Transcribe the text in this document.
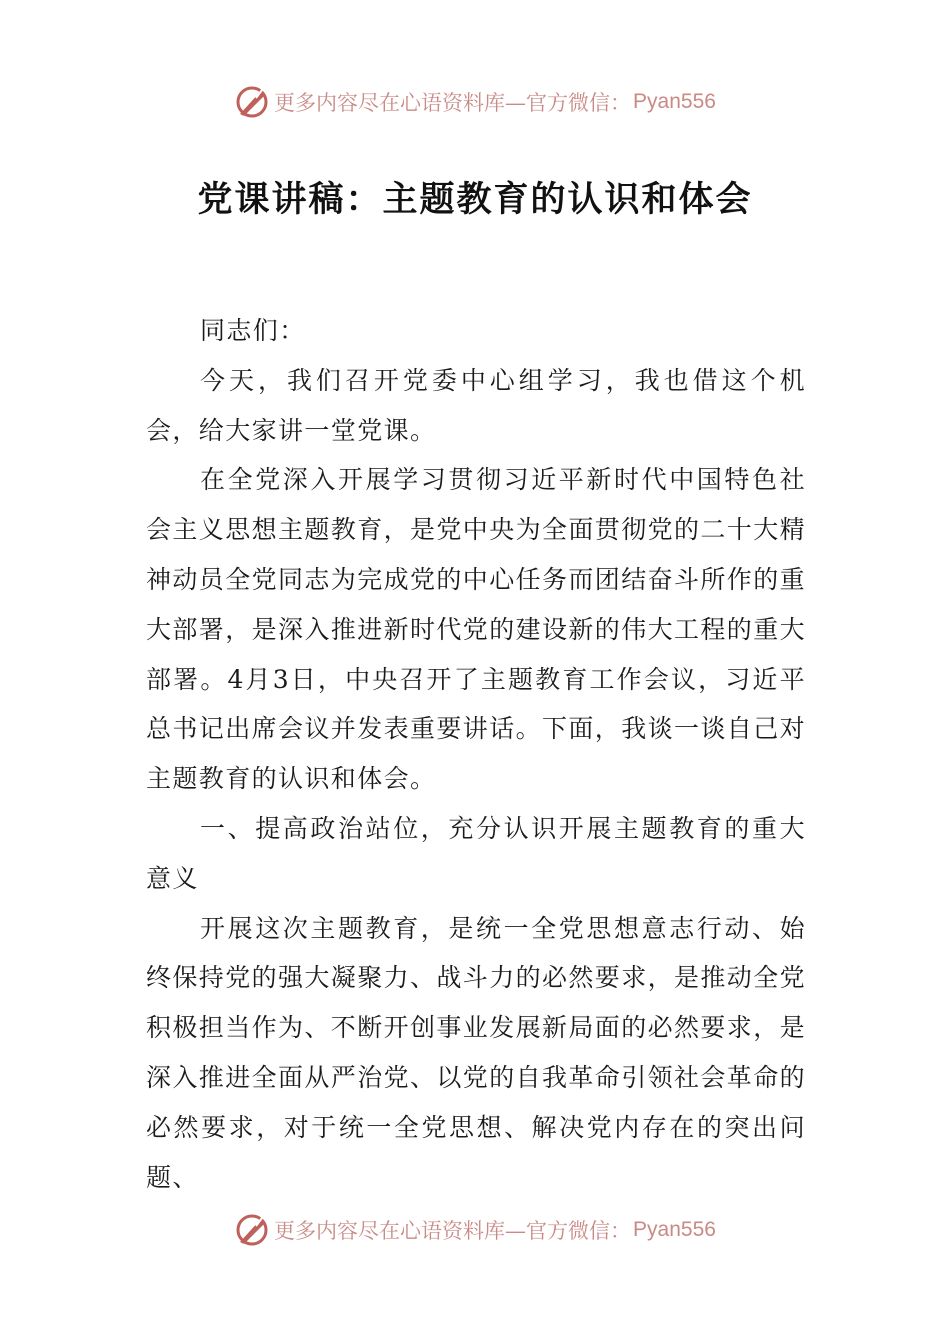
更多内容尽在心语资料库—官方微信： Pyan556
党课讲稿：主题教育的认识和体会

同志们：

今天，我们召开党委中心组学习，我也借这个机会，给大家讲一堂党课。

在全党深入开展学习贯彻习近平新时代中国特色社会主义思想主题教育，是党中央为全面贯彻党的二十大精神动员全党同志为完成党的中心任务而团结奋斗所作的重大部署，是深入推进新时代党的建设新的伟大工程的重大部署。4月3日，中央召开了主题教育工作会议，习近平总书记出席会议并发表重要讲话。下面，我谈一谈自己对主题教育的认识和体会。

一、提高政治站位，充分认识开展主题教育的重大意义

开展这次主题教育，是统一全党思想意志行动、始终保持党的强大凝聚力、战斗力的必然要求，是推动全党积极担当作为、不断开创事业发展新局面的必然要求，是深入推进全面从严治党、以党的自我革命引领社会革命的必然要求，对于统一全党思想、解决党内存在的突出问题、

更多内容尽在心语资料库—官方微信： Pyan556
